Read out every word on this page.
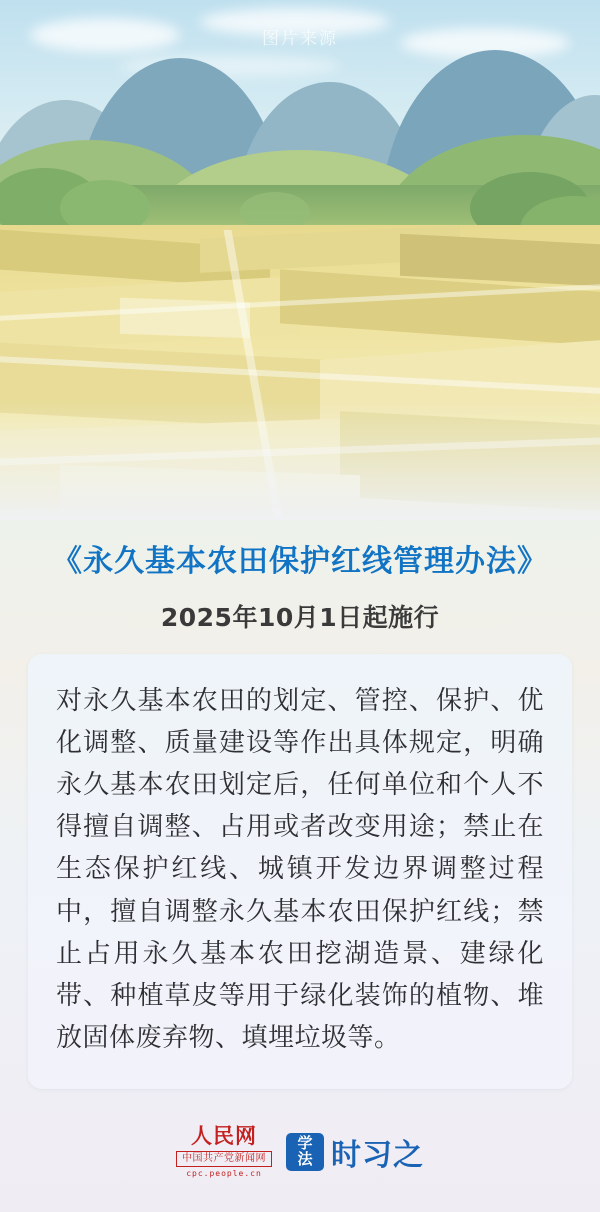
图片来源
《永久基本农田保护红线管理办法》
2025年10月1日起施行

对永久基本农田的划定、管控、保护、优化调整、质量建设等作出具体规定，明确永久基本农田划定后，任何单位和个人不得擅自调整、占用或者改变用途；禁止在生态保护红线、城镇开发边界调整过程中，擅自调整永久基本农田保护红线；禁止占用永久基本农田挖湖造景、建绿化带、种植草皮等用于绿化装饰的植物、堆放固体废弃物、填埋垃圾等。

人民网
中国共产党新闻网
cpc.people.cn
学
法 时习之
